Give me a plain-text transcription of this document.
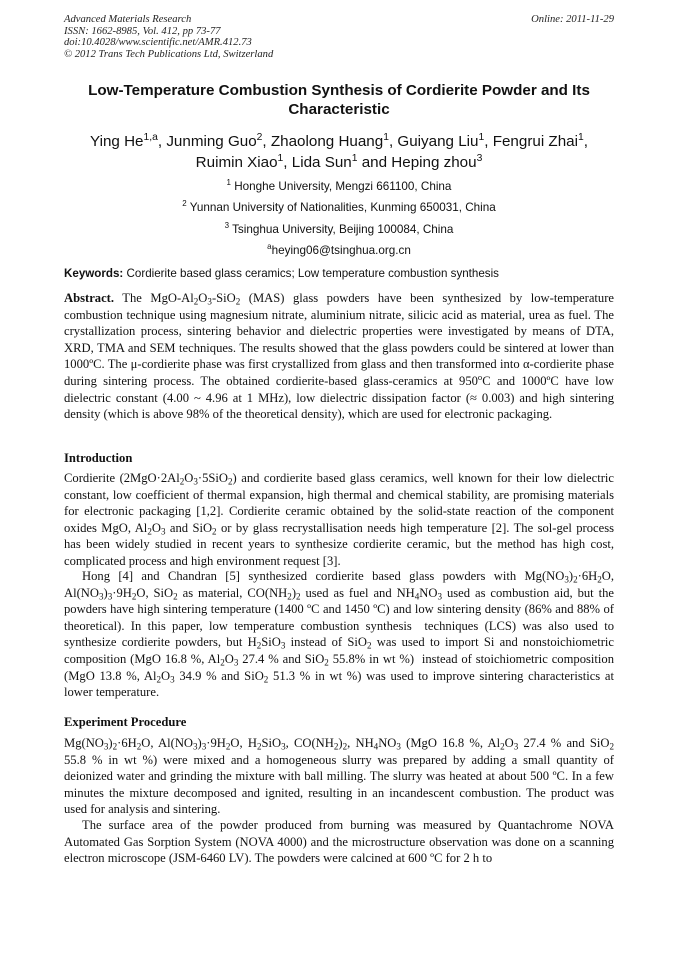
Advanced Materials Research
ISSN: 1662-8985, Vol. 412, pp 73-77
doi:10.4028/www.scientific.net/AMR.412.73
© 2012 Trans Tech Publications Ltd, Switzerland
Online: 2011-11-29
Low-Temperature Combustion Synthesis of Cordierite Powder and Its Characteristic
Ying He$^{1,a}$, Junming Guo$^2$, Zhaolong Huang$^1$, Guiyang Liu$^1$, Fengrui Zhai$^1$,
Ruimin Xiao$^1$, Lida Sun$^1$ and Heping zhou$^3$
$^1$ Honghe University, Mengzi 661100, China
$^2$ Yunnan University of Nationalities, Kunming 650031, China
$^3$ Tsinghua University, Beijing 100084, China
$^a$heying06@tsinghua.org.cn
Keywords: Cordierite based glass ceramics; Low temperature combustion synthesis
Abstract. The MgO-$Al_2O_3-SiO_2$ (MAS) glass powders have been synthesized by low-temperature combustion technique using magnesium nitrate, aluminium nitrate, silicic acid as material, urea as fuel. The crystallization process, sintering behavior and dielectric properties were investigated by means of DTA, XRD, TMA and SEM techniques. The results showed that the glass powders could be sintered at lower than 1000ºC. The μ-cordierite phase was first crystallized from glass and then transformed into α-cordierite phase during sintering process. The obtained cordierite-based glass-ceramics at 950$^o$C and 1000ºC have low dielectric constant (4.00 ~ 4.96 at 1 MHz), low dielectric dissipation factor (≈ 0.003) and high sintering density (which is above 98% of the theoretical density), which are used for electronic packaging.
Introduction
Cordierite $(2MgO\cdot 2Al_2O_3\cdot 5SiO_2)$ and cordierite based glass ceramics, well known for their low dielectric constant, low coefficient of thermal expansion, high thermal and chemical stability, are promising materials for electronic packaging [1,2]. Cordierite ceramic obtained by the solid-state reaction of the component oxides MgO, $Al_2O_3$ and SiO$_2$ or by glass recrystallisation needs high temperature [2]. The sol-gel process has been widely studied in recent years to synthesize cordierite ceramic, but the method has high cost, complicated process and high environment request [3].
Hong [4] and Chandran [5] synthesized cordierite based glass powders with $Mg(NO_3)_2\cdot 6H_2O$, $Al(NO_3)_3\cdot 9H_2O$, SiO$_2$ as material, $CO(NH_2)_2$ used as fuel and $NH_4NO_3$ used as combustion aid, but the powders have high sintering temperature (1400 ºC and 1450 ºC) and low sintering density (86% and 88% of theoretical). In this paper, low temperature combustion synthesis  techniques (LCS) was also used to synthesize cordierite powders, but $H_2SiO_3$ instead of SiO$_2$ was used to import Si and nonstoichiometric composition (MgO 16.8 %, $Al_2O_3$ 27.4 % and SiO$_2$ 55.8% in wt %)  instead of stoichiometric composition (MgO 13.8 %, $Al_2O_3$ 34.9 % and SiO$_2$ 51.3 % in wt %) was used to improve sintering characteristics at lower temperature.
Experiment Procedure
$Mg(NO_3)_2\cdot 6H_2O$, $Al(NO_3)_3\cdot 9H_2O$, $H_2SiO_3$, $CO(NH_2)_2$, $NH_4NO_3$ (MgO 16.8 %, $Al_2O_3$ 27.4 % and SiO$_2$ 55.8 % in wt %) were mixed and a homogeneous slurry was prepared by adding a small quantity of deionized water and grinding the mixture with ball milling. The slurry was heated at about 500 ºC. In a few minutes the mixture decomposed and ignited, resulting in an incandescent combustion. The product was used for analysis and sintering.
The surface area of the powder produced from burning was measured by Quantachrome NOVA Automated Gas Sorption System (NOVA 4000) and the microstructure observation was done on a scanning electron microscope (JSM-6460 LV). The powders were calcined at 600 ºC for 2 h to
